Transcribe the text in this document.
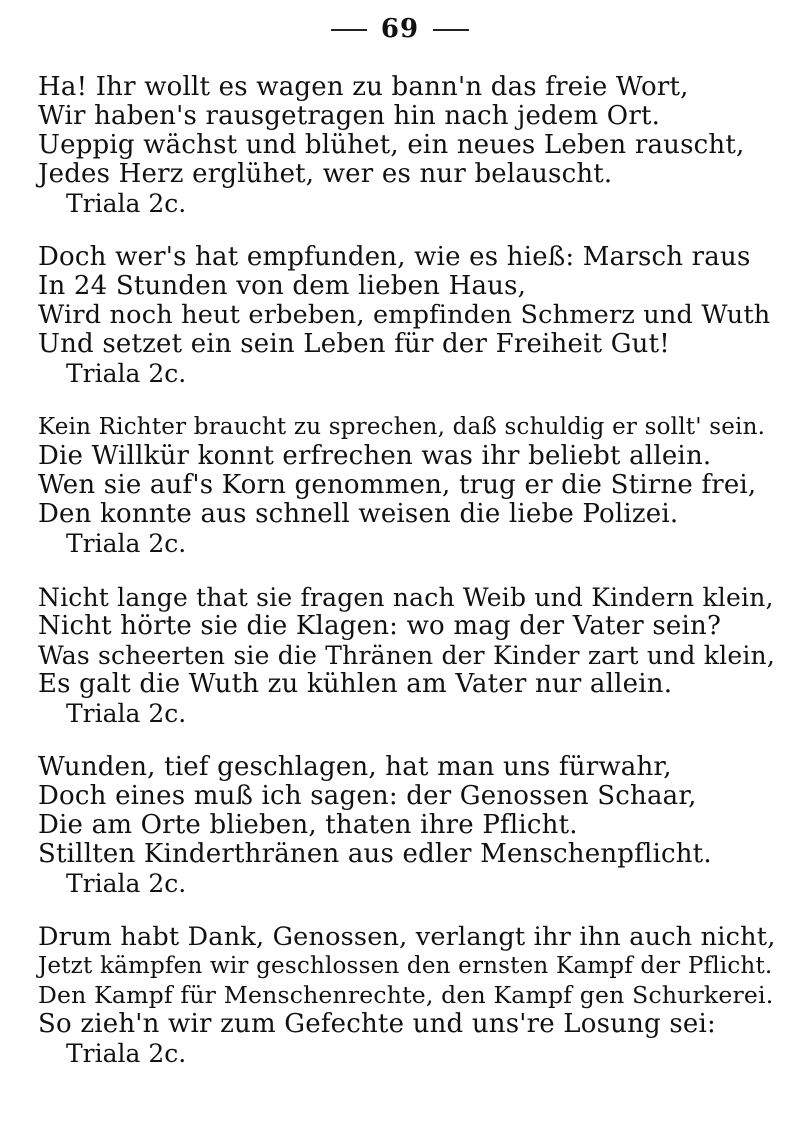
69
Ha! Ihr wollt es wagen zu bann'n das freie Wort,
Wir haben's rausgetragen hin nach jedem Ort.
Ueppig wächst und blühet, ein neues Leben rauscht,
Jedes Herz erglühet, wer es nur belauscht.
Triala 2c.
Doch wer's hat empfunden, wie es hieß: Marsch raus
In 24 Stunden von dem lieben Haus,
Wird noch heut erbeben, empfinden Schmerz und Wuth
Und setzet ein sein Leben für der Freiheit Gut!
Triala 2c.
Kein Richter braucht zu sprechen, daß schuldig er sollt' sein.
Die Willkür konnt erfrechen was ihr beliebt allein.
Wen sie auf's Korn genommen, trug er die Stirne frei,
Den konnte aus schnell weisen die liebe Polizei.
Triala 2c.
Nicht lange that sie fragen nach Weib und Kindern klein,
Nicht hörte sie die Klagen: wo mag der Vater sein?
Was scheerten sie die Thränen der Kinder zart und klein,
Es galt die Wuth zu kühlen am Vater nur allein.
Triala 2c.
Wunden, tief geschlagen, hat man uns fürwahr,
Doch eines muß ich sagen: der Genossen Schaar,
Die am Orte blieben, thaten ihre Pflicht.
Stillten Kinderthränen aus edler Menschenpflicht.
Triala 2c.
Drum habt Dank, Genossen, verlangt ihr ihn auch nicht,
Jetzt kämpfen wir geschlossen den ernsten Kampf der Pflicht.
Den Kampf für Menschenrechte, den Kampf gen Schurkerei.
So zieh'n wir zum Gefechte und uns're Losung sei:
Triala 2c.
